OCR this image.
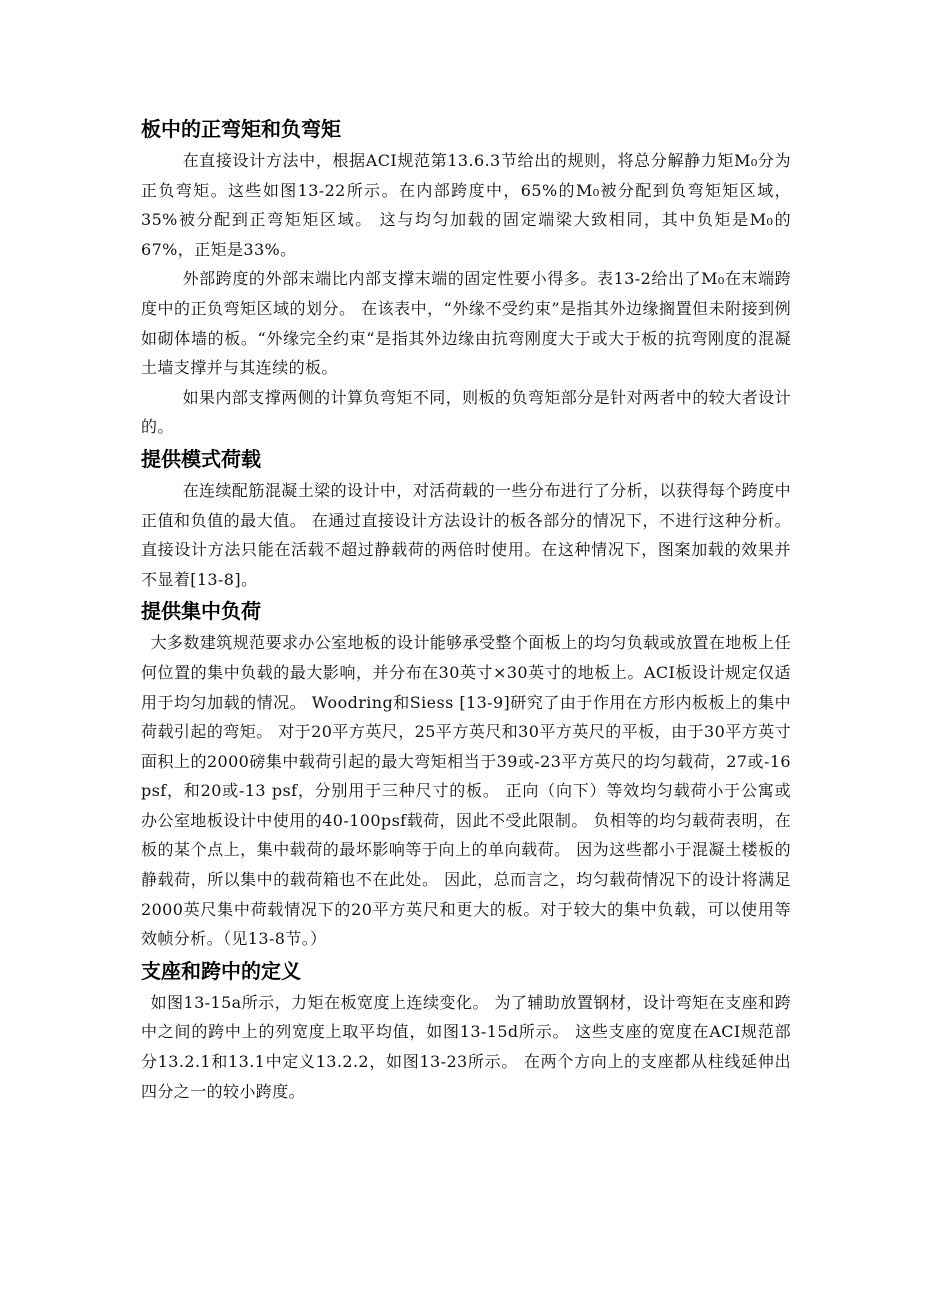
板中的正弯矩和负弯矩

在直接设计方法中，根据ACI规范第13.6.3节给出的规则，将总分解静力矩M₀分为正负弯矩。这些如图13-22所示。在内部跨度中，65%的M₀被分配到负弯矩矩区域，35%被分配到正弯矩矩区域。 这与均匀加载的固定端梁大致相同，其中负矩是M₀的67%，正矩是33%。

外部跨度的外部末端比内部支撑末端的固定性要小得多。表13-2给出了M₀在末端跨度中的正负弯矩区域的划分。 在该表中，“外缘不受约束”是指其外边缘搁置但未附接到例如砌体墙的板。“外缘完全约束“是指其外边缘由抗弯刚度大于或大于板的抗弯刚度的混凝土墙支撑并与其连续的板。

如果内部支撑两侧的计算负弯矩不同，则板的负弯矩部分是针对两者中的较大者设计的。

提供模式荷载

在连续配筋混凝土梁的设计中，对活荷载的一些分布进行了分析，以获得每个跨度中正值和负值的最大值。 在通过直接设计方法设计的板各部分的情况下，不进行这种分析。 直接设计方法只能在活载不超过静载荷的两倍时使用。在这种情况下，图案加载的效果并不显着[13-8]。

提供集中负荷

大多数建筑规范要求办公室地板的设计能够承受整个面板上的均匀负载或放置在地板上任何位置的集中负载的最大影响，并分布在30英寸×30英寸的地板上。ACI板设计规定仅适用于均匀加载的情况。 Woodring和Siess [13-9]研究了由于作用在方形内板板上的集中荷载引起的弯矩。 对于20平方英尺，25平方英尺和30平方英尺的平板，由于30平方英寸面积上的2000磅集中载荷引起的最大弯矩相当于39或-23平方英尺的均匀载荷，27或-16 psf，和20或-13 psf，分别用于三种尺寸的板。 正向（向下）等效均匀载荷小于公寓或办公室地板设计中使用的40-100psf载荷，因此不受此限制。 负相等的均匀载荷表明，在板的某个点上，集中载荷的最坏影响等于向上的单向载荷。 因为这些都小于混凝土楼板的静载荷，所以集中的载荷箱也不在此处。 因此，总而言之，均匀载荷情况下的设计将满足2000英尺集中荷载情况下的20平方英尺和更大的板。对于较大的集中负载，可以使用等效帧分析。（见13-8节。）

支座和跨中的定义

如图13-15a所示，力矩在板宽度上连续变化。 为了辅助放置钢材，设计弯矩在支座和跨中之间的跨中上的列宽度上取平均值，如图13-15d所示。 这些支座的宽度在ACI规范部分13.2.1和13.1中定义13.2.2，如图13-23所示。 在两个方向上的支座都从柱线延伸出四分之一的较小跨度。
